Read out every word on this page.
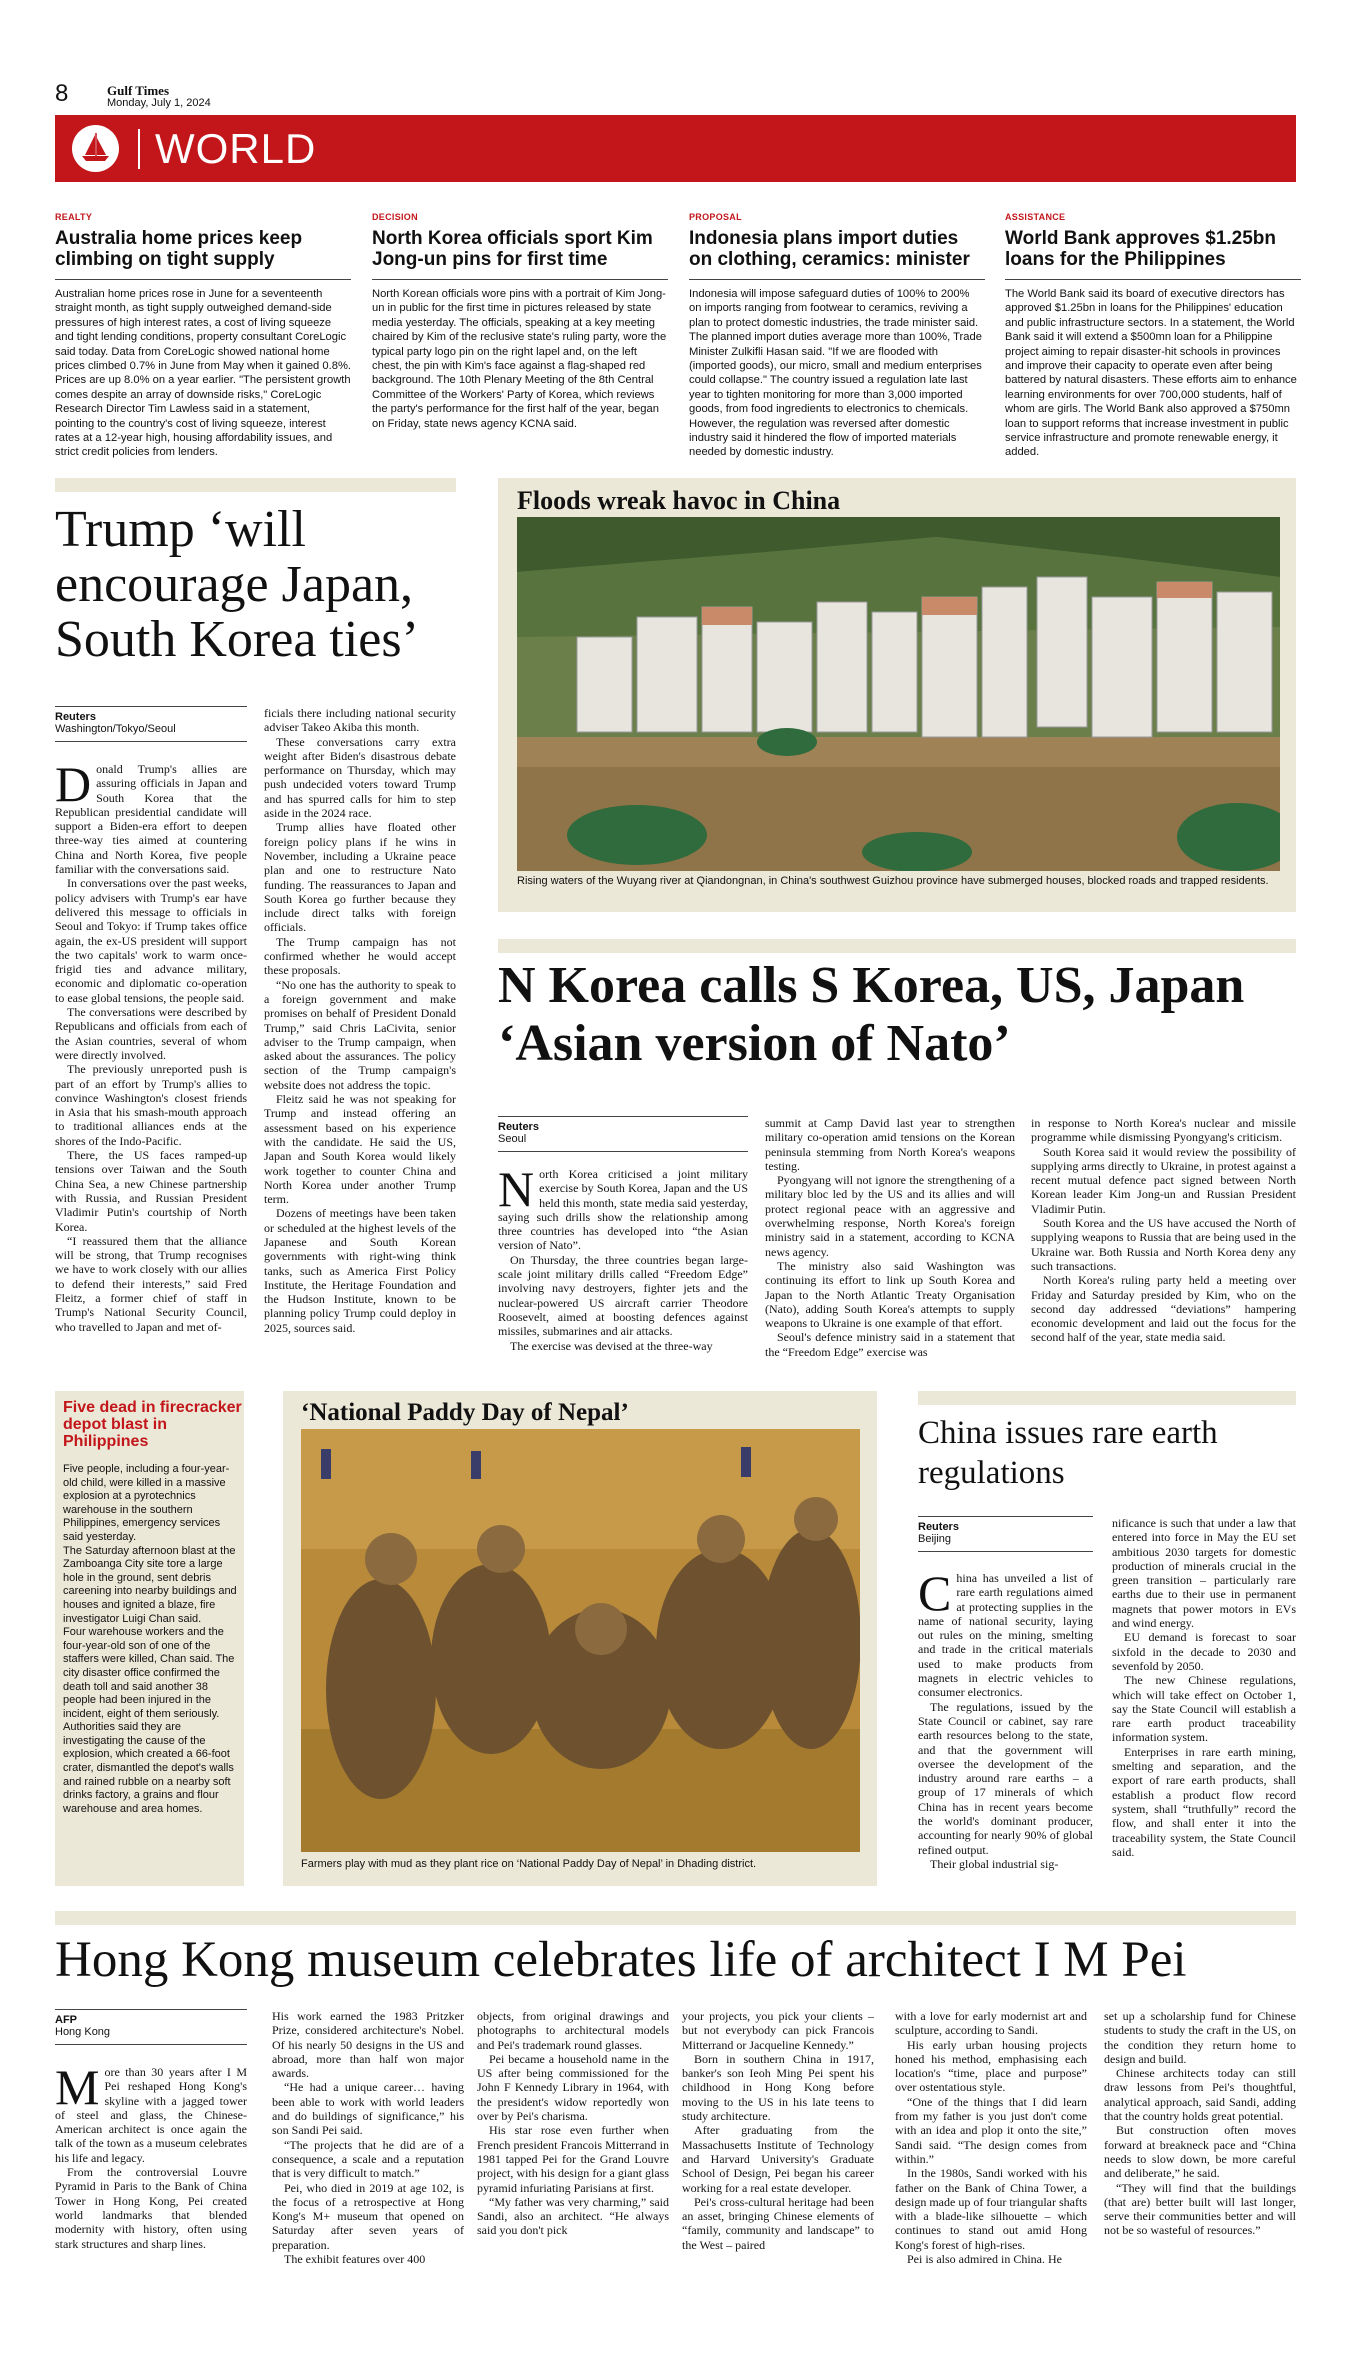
8	Gulf Times
Monday, July 1, 2024
WORLD
REALTY
Australia home prices keep climbing on tight supply

Australian home prices rose in June for a seventeenth straight month, as tight supply outweighed demand-side pressures of high interest rates, a cost of living squeeze and tight lending conditions, property consultant CoreLogic said today. Data from CoreLogic showed national home prices climbed 0.7% in June from May when it gained 0.8%. Prices are up 8.0% on a year earlier. "The persistent growth comes despite an array of downside risks," CoreLogic Research Director Tim Lawless said in a statement, pointing to the country's cost of living squeeze, interest rates at a 12-year high, housing affordability issues, and strict credit policies from lenders.

DECISION
North Korea officials sport Kim Jong-un pins for first time

North Korean officials wore pins with a portrait of Kim Jong-un in public for the first time in pictures released by state media yesterday. The officials, speaking at a key meeting chaired by Kim of the reclusive state's ruling party, wore the typical party logo pin on the right lapel and, on the left chest, the pin with Kim's face against a flag-shaped red background. The 10th Plenary Meeting of the 8th Central Committee of the Workers' Party of Korea, which reviews the party's performance for the first half of the year, began on Friday, state news agency KCNA said.

PROPOSAL
Indonesia plans import duties on clothing, ceramics: minister

Indonesia will impose safeguard duties of 100% to 200% on imports ranging from footwear to ceramics, reviving a plan to protect domestic industries, the trade minister said. The planned import duties average more than 100%, Trade Minister Zulkifli Hasan said. "If we are flooded with (imported goods), our micro, small and medium enterprises could collapse." The country issued a regulation late last year to tighten monitoring for more than 3,000 imported goods, from food ingredients to electronics to chemicals. However, the regulation was reversed after domestic industry said it hindered the flow of imported materials needed by domestic industry.

ASSISTANCE
World Bank approves $1.25bn loans for the Philippines

The World Bank said its board of executive directors has approved $1.25bn in loans for the Philippines' education and public infrastructure sectors. In a statement, the World Bank said it will extend a $500mn loan for a Philippine project aiming to repair disaster-hit schools in provinces and improve their capacity to operate even after being battered by natural disasters. These efforts aim to enhance learning environments for over 700,000 students, half of whom are girls. The World Bank also approved a $750mn loan to support reforms that increase investment in public service infrastructure and promote renewable energy, it added.

Trump ‘will encourage Japan, South Korea ties’
Reuters
Washington/Tokyo/Seoul

Donald Trump's allies are assuring officials in Japan and South Korea that the Republican presidential candidate will support a Biden-era effort to deepen three-way ties aimed at countering China and North Korea, five people familiar with the conversations said.

In conversations over the past weeks, policy advisers with Trump's ear have delivered this message to officials in Seoul and Tokyo: if Trump takes office again, the ex-US president will support the two capitals' work to warm once-frigid ties and advance military, economic and diplomatic co-operation to ease global tensions, the people said.

The conversations were described by Republicans and officials from each of the Asian countries, several of whom were directly involved.

The previously unreported push is part of an effort by Trump's allies to convince Washington's closest friends in Asia that his smash-mouth approach to traditional alliances ends at the shores of the Indo-Pacific.

There, the US faces ramped-up tensions over Taiwan and the South China Sea, a new Chinese partnership with Russia, and Russian President Vladimir Putin's courtship of North Korea.

“I reassured them that the alliance will be strong, that Trump recognises we have to work closely with our allies to defend their interests,” said Fred Fleitz, a former chief of staff in Trump's National Security Council, who travelled to Japan and met of-

ficials there including national security adviser Takeo Akiba this month.

These conversations carry extra weight after Biden's disastrous debate performance on Thursday, which may push undecided voters toward Trump and has spurred calls for him to step aside in the 2024 race.

Trump allies have floated other foreign policy plans if he wins in November, including a Ukraine peace plan and one to restructure Nato funding. The reassurances to Japan and South Korea go further because they include direct talks with foreign officials.

The Trump campaign has not confirmed whether he would accept these proposals.

“No one has the authority to speak to a foreign government and make promises on behalf of President Donald Trump,” said Chris LaCivita, senior adviser to the Trump campaign, when asked about the assurances. The policy section of the Trump campaign's website does not address the topic.

Fleitz said he was not speaking for Trump and instead offering an assessment based on his experience with the candidate. He said the US, Japan and South Korea would likely work together to counter China and North Korea under another Trump term.

Dozens of meetings have been taken or scheduled at the highest levels of the Japanese and South Korean governments with right-wing think tanks, such as America First Policy Institute, the Heritage Foundation and the Hudson Institute, known to be planning policy Trump could deploy in 2025, sources said.

Floods wreak havoc in China
Rising waters of the Wuyang river at Qiandongnan, in China's southwest Guizhou province have submerged houses, blocked roads and trapped residents.
N Korea calls S Korea, US, Japan ‘Asian version of Nato’
Reuters
Seoul

North Korea criticised a joint military exercise by South Korea, Japan and the US held this month, state media said yesterday, saying such drills show the relationship among three countries has developed into “the Asian version of Nato”.

On Thursday, the three countries began large-scale joint military drills called “Freedom Edge” involving navy destroyers, fighter jets and the nuclear-powered US aircraft carrier Theodore Roosevelt, aimed at boosting defences against missiles, submarines and air attacks.

The exercise was devised at the three-way

summit at Camp David last year to strengthen military co-operation amid tensions on the Korean peninsula stemming from North Korea's weapons testing.

Pyongyang will not ignore the strengthening of a military bloc led by the US and its allies and will protect regional peace with an aggressive and overwhelming response, North Korea's foreign ministry said in a statement, according to KCNA news agency.

The ministry also said Washington was continuing its effort to link up South Korea and Japan to the North Atlantic Treaty Organisation (Nato), adding South Korea's attempts to supply weapons to Ukraine is one example of that effort.

Seoul's defence ministry said in a statement that the “Freedom Edge” exercise was

in response to North Korea's nuclear and missile programme while dismissing Pyongyang's criticism.

South Korea said it would review the possibility of supplying arms directly to Ukraine, in protest against a recent mutual defence pact signed between North Korean leader Kim Jong-un and Russian President Vladimir Putin.

South Korea and the US have accused the North of supplying weapons to Russia that are being used in the Ukraine war. Both Russia and North Korea deny any such transactions.

North Korea's ruling party held a meeting over Friday and Saturday presided by Kim, who on the second day addressed “deviations” hampering economic development and laid out the focus for the second half of the year, state media said.

Five dead in firecracker depot blast in Philippines

Five people, including a four-year-old child, were killed in a massive explosion at a pyrotechnics warehouse in the southern Philippines, emergency services said yesterday.

The Saturday afternoon blast at the Zamboanga City site tore a large hole in the ground, sent debris careening into nearby buildings and houses and ignited a blaze, fire investigator Luigi Chan said.

Four warehouse workers and the four-year-old son of one of the staffers were killed, Chan said. The city disaster office confirmed the death toll and said another 38 people had been injured in the incident, eight of them seriously.

Authorities said they are investigating the cause of the explosion, which created a 66-foot crater, dismantled the depot's walls and rained rubble on a nearby soft drinks factory, a grains and flour warehouse and area homes.

‘National Paddy Day of Nepal’
Farmers play with mud as they plant rice on ‘National Paddy Day of Nepal’ in Dhading district.
China issues rare earth regulations
Reuters
Beijing

China has unveiled a list of rare earth regulations aimed at protecting supplies in the name of national security, laying out rules on the mining, smelting and trade in the critical materials used to make products from magnets in electric vehicles to consumer electronics.

The regulations, issued by the State Council or cabinet, say rare earth resources belong to the state, and that the government will oversee the development of the industry around rare earths – a group of 17 minerals of which China has in recent years become the world's dominant producer, accounting for nearly 90% of global refined output.

Their global industrial sig-

nificance is such that under a law that entered into force in May the EU set ambitious 2030 targets for domestic production of minerals crucial in the green transition – particularly rare earths due to their use in permanent magnets that power motors in EVs and wind energy.

EU demand is forecast to soar sixfold in the decade to 2030 and sevenfold by 2050.

The new Chinese regulations, which will take effect on October 1, say the State Council will establish a rare earth product traceability information system.

Enterprises in rare earth mining, smelting and separation, and the export of rare earth products, shall establish a product flow record system, shall “truthfully” record the flow, and shall enter it into the traceability system, the State Council said.

Hong Kong museum celebrates life of architect I M Pei
AFP
Hong Kong

More than 30 years after I M Pei reshaped Hong Kong's skyline with a jagged tower of steel and glass, the Chinese-American architect is once again the talk of the town as a museum celebrates his life and legacy.

From the controversial Louvre Pyramid in Paris to the Bank of China Tower in Hong Kong, Pei created world landmarks that blended modernity with history, often using stark structures and sharp lines.

His work earned the 1983 Pritzker Prize, considered architecture's Nobel. Of his nearly 50 designs in the US and abroad, more than half won major awards.

“He had a unique career… having been able to work with world leaders and do buildings of significance,” his son Sandi Pei said.

“The projects that he did are of a consequence, a scale and a reputation that is very difficult to match.”

Pei, who died in 2019 at age 102, is the focus of a retrospective at Hong Kong's M+ museum that opened on Saturday after seven years of preparation.

The exhibit features over 400

objects, from original drawings and photographs to architectural models and Pei's trademark round glasses.

Pei became a household name in the US after being commissioned for the John F Kennedy Library in 1964, with the president's widow reportedly won over by Pei's charisma.

His star rose even further when French president Francois Mitterrand in 1981 tapped Pei for the Grand Louvre project, with his design for a giant glass pyramid infuriating Parisians at first.

“My father was very charming,” said Sandi, also an architect. “He always said you don't pick

your projects, you pick your clients – but not everybody can pick Francois Mitterrand or Jacqueline Kennedy.”

Born in southern China in 1917, banker's son Ieoh Ming Pei spent his childhood in Hong Kong before moving to the US in his late teens to study architecture.

After graduating from the Massachusetts Institute of Technology and Harvard University's Graduate School of Design, Pei began his career working for a real estate developer.

Pei's cross-cultural heritage had been an asset, bringing Chinese elements of “family, community and landscape” to the West – paired

with a love for early modernist art and sculpture, according to Sandi.

His early urban housing projects honed his method, emphasising each location's “time, place and purpose” over ostentatious style.

“One of the things that I did learn from my father is you just don't come with an idea and plop it onto the site,” Sandi said. “The design comes from within.”

In the 1980s, Sandi worked with his father on the Bank of China Tower, a design made up of four triangular shafts with a blade-like silhouette – which continues to stand out amid Hong Kong's forest of high-rises.

Pei is also admired in China. He

set up a scholarship fund for Chinese students to study the craft in the US, on the condition they return home to design and build.

Chinese architects today can still draw lessons from Pei's thoughtful, analytical approach, said Sandi, adding that the country holds great potential.

But construction often moves forward at breakneck pace and “China needs to slow down, be more careful and deliberate,” he said.

“They will find that the buildings (that are) better built will last longer, serve their communities better and will not be so wasteful of resources.”
